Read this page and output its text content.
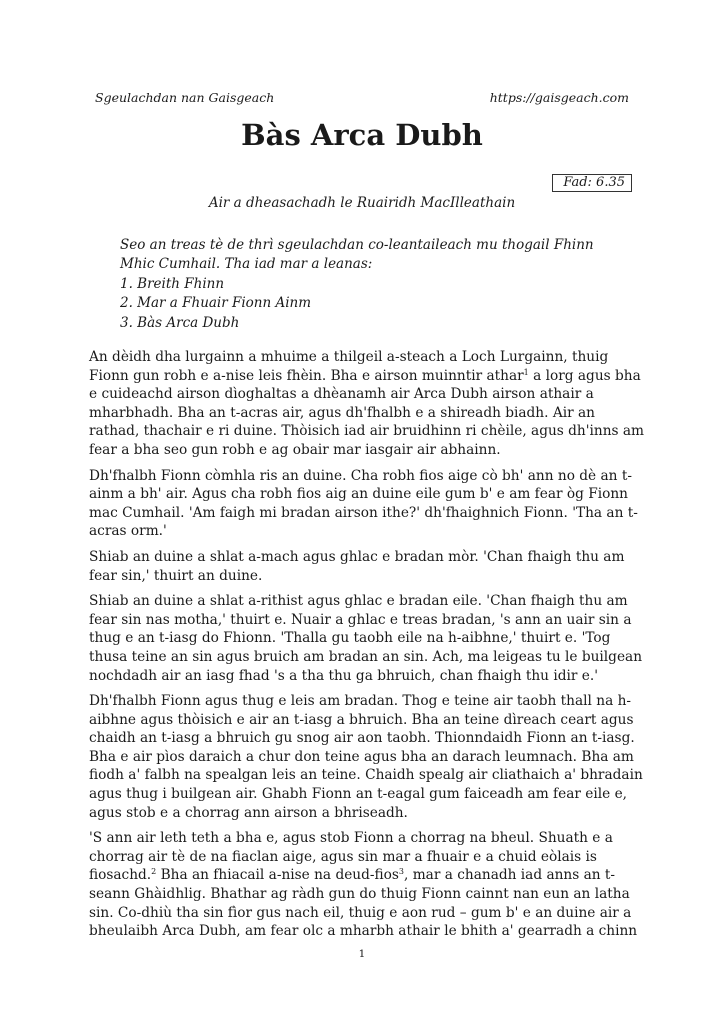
Sgeulachdan nan Gaisgeach	https://gaisgeach.com
Bàs Arca Dubh
Fad: 6.35
Air a dheasachadh le Ruairidh MacIlleathain
Seo an treas tè de thrì sgeulachdan co-leantaileach mu thogail Fhinn
Mhic Cumhail. Tha iad mar a leanas:
1. Breith Fhinn
2. Mar a Fhuair Fionn Ainm
3. Bàs Arca Dubh

An dèidh dha lurgainn a mhuime a thilgeil a-steach a Loch Lurgainn, thuig
Fionn gun robh e a-nise leis fhèin. Bha e airson muinntir athar$^1$ a lorg agus bha
e cuideachd airson dìoghaltas a dhèanamh air Arca Dubh airson athair a
mharbhadh. Bha an t-acras air, agus dh'fhalbh e a shireadh biadh. Air an
rathad, thachair e ri duine. Thòisich iad air bruidhinn ri chèile, agus dh'inns am
fear a bha seo gun robh e ag obair mar iasgair air abhainn.

Dh'fhalbh Fionn còmhla ris an duine. Cha robh fios aige cò bh' ann no dè an t-
ainm a bh' air. Agus cha robh fios aig an duine eile gum b' e am fear òg Fionn
mac Cumhail. 'Am faigh mi bradan airson ithe?' dh'fhaighnich Fionn. 'Tha an t-
acras orm.'

Shiab an duine a shlat a-mach agus ghlac e bradan mòr. 'Chan fhaigh thu am
fear sin,' thuirt an duine.

Shiab an duine a shlat a-rithist agus ghlac e bradan eile. 'Chan fhaigh thu am
fear sin nas motha,' thuirt e. Nuair a ghlac e treas bradan, 's ann an uair sin a
thug e an t-iasg do Fhionn. 'Thalla gu taobh eile na h-aibhne,' thuirt e. 'Tog
thusa teine an sin agus bruich am bradan an sin. Ach, ma leigeas tu le builgean
nochdadh air an iasg fhad 's a tha thu ga bhruich, chan fhaigh thu idir e.'

Dh'fhalbh Fionn agus thug e leis am bradan. Thog e teine air taobh thall na h-
aibhne agus thòisich e air an t-iasg a bhruich. Bha an teine dìreach ceart agus
chaidh an t-iasg a bhruich gu snog air aon taobh. Thionndaidh Fionn an t-iasg.
Bha e air pìos daraich a chur don teine agus bha an darach leumnach. Bha am
fiodh a' falbh na spealgan leis an teine. Chaidh spealg air cliathaich a' bhradain
agus thug i builgean air. Ghabh Fionn an t-eagal gum faiceadh am fear eile e,
agus stob e a chorrag ann airson a bhriseadh.

'S ann air leth teth a bha e, agus stob Fionn a chorrag na bheul. Shuath e a
chorrag air tè de na fiaclan aige, agus sin mar a fhuair e a chuid eòlais is
fiosachd.$^2$ Bha an fhiacail a-nise na deud-fios$^3$, mar a chanadh iad anns an t-
seann Ghàidhlig. Bhathar ag ràdh gun do thuig Fionn cainnt nan eun an latha
sin. Co-dhiù tha sin fìor gus nach eil, thuig e aon rud – gum b' e an duine air a
bheulaibh Arca Dubh, am fear olc a mharbh athair le bhith a' gearradh a chinn

1
